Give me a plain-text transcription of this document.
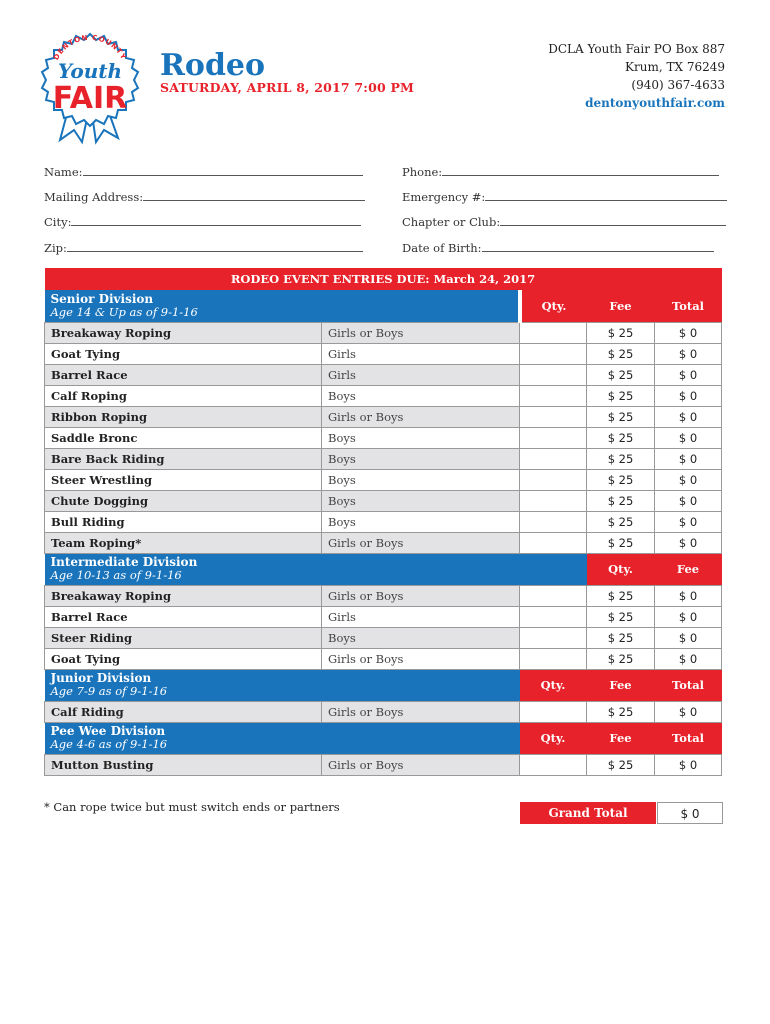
DENTON COUNTY
Youth
FAIR
Rodeo
SATURDAY, APRIL 8, 2017 7:00 PM
DCLA Youth Fair PO Box 887
Krum, TX 76249
(940) 367-4633
dentonyouthfair.com
Name:	Phone:
Mailing Address:	Emergency #:
City:	Chapter or Club:
Zip:	Date of Birth:
RODEO EVENT ENTRIES DUE: March 24, 2017				

Senior Division
Age 14 & Up as of 9-1-16		Qty.	Fee	Total
Breakaway Roping	Girls or Boys		$ 25	$ 0
Goat Tying	Girls		$ 25	$ 0
Barrel Race	Girls		$ 25	$ 0
Calf Roping	Boys		$ 25	$ 0
Ribbon Roping	Girls or Boys		$ 25	$ 0
Saddle Bronc	Boys		$ 25	$ 0
Bare Back Riding	Boys		$ 25	$ 0
Steer Wrestling	Boys		$ 25	$ 0
Chute Dogging	Boys		$ 25	$ 0
Bull Riding	Boys		$ 25	$ 0
Team Roping*	Girls or Boys		$ 25	$ 0

Intermediate Division
Age 10-13 as of 9-1-16			Qty.	Fee
Breakaway Roping	Girls or Boys		$ 25	$ 0
Barrel Race	Girls		$ 25	$ 0
Steer Riding	Boys		$ 25	$ 0
Goat Tying	Girls or Boys		$ 25	$ 0

Junior Division
Age 7-9 as of 9-1-16		Qty.	Fee	Total
Calf Riding	Girls or Boys		$ 25	$ 0

Pee Wee Division
Age 4-6 as of 9-1-16		Qty.	Fee	Total
Mutton Busting	Girls or Boys		$ 25	$ 0
* Can rope twice but must switch ends or partners	Grand Total	$ 0
